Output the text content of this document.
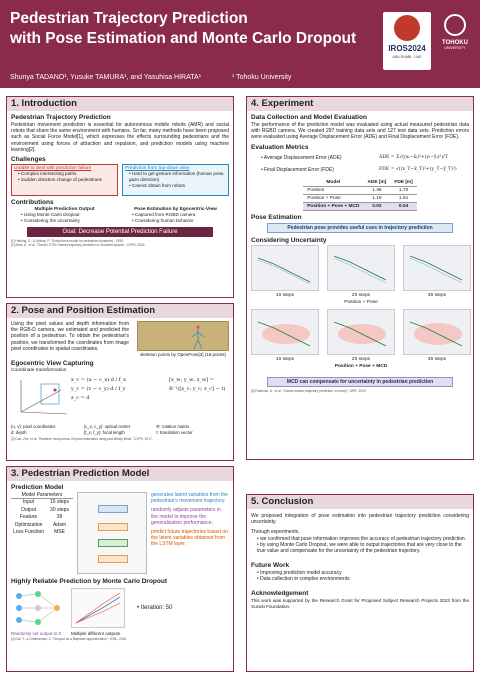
Pedestrian Trajectory Prediction
with Pose Estimation and Monte Carlo Dropout
IROS2024
ABU DHABI · UAE
TOHOKU
UNIVERSITY
Shunya TADANO¹, Yusuke TAMURA¹, and Yasuhisa HIRATA¹	¹ Tohoku University
1. Introduction
Pedestrian Trajectory Prediction
Pedestrian movement prediction is essential for autonomous mobile robots (AMR) and social robots that share the same environment with humans. So far, many methods have been proposed such as Social Force Model[1], which expresses the effects surrounding pedestrians and the environment using forces of attraction and repulsion, and prediction models using machine learning[2].
Challenges
Unable to deal with prediction failure
• Complex intersecting paths
• Sudden direction change of pedestrians
Prediction from top-down view
• Hard to get gesture information (human pose, gaze direction)
• Cannot obtain from robots
Contributions
Multiple Prediction Output
• Using Monte Carlo Dropout
• Considering the uncertainty
Pose Estimation by Egocentric-View
• Captured from RGBD camera
• Considering human behavior
Goal: Decrease Potential Prediction Failure
[1] Helbing, D., & Molnar, P. "Social force model for pedestrian dynamics", 1995.
[2] Alahi, A., et al. "Social LSTM: Human trajectory prediction in crowded spaces", CVPR, 2016.
2. Pose and Position Estimation
Using the pixel values and depth information from the RGB-D camera, we estimated and predicted the position of a pedestrian. To obtain the pedestrian's position, we transformed the coordinates from image pixel coordinates to spatial coordinates.
skeleton points by OpenPose[3] (18 points)
Egocentric View Capturing
Coordinate transformation
x_c = (u − c_x)·d / f_x
y_c = (v − c_y)·d / f_y
z_c = d
[x_w; y_w; z_w] = R⁻¹([x_c; y_c; z_c] − t)
(u, v): pixel coordinates	(c_x, c_y): optical center	R: rotation matrix
d: depth	(f_x, f_y): focal length	t: translation vector
[3] Cao, Zhe, et al. "Realtime multi-person 2d pose estimation using part affinity fields." CVPR, 2017.
3. Pedestrian Prediction Model
Prediction Model
Model Parameters
Input	15 steps
Output	30 steps
Feature	39
Optimization	Adam
Loss Function	MSE
generates latent variables from the pedestrian's movement trajectory.
randomly adjusts parameters in the model to improve the generalization performance.
predict future trajectories based on the latent variables obtained from the LSTM layer.
Highly Reliable Prediction by Monte Carlo Dropout
• Iteration: 50
Randomly set output to 0	Multiple different outputs
[4] Gal, Y., & Ghahramani, Z. "Dropout as a Bayesian approximation", ICML, 2016.
4. Experiment
Data Collection and Model Evaluation
The performance of the prediction model was evaluated using actual measured pedestrian data with RGBD camera. We created 297 training data sets and 127 test data sets. Prediction errors were evaluated using Average Displacement Error (ADE) and Final Displacement Error (FDE).
Evaluation Metrics
• Average Displacement Error (ADE)
• Final Displacement Error (FDE)
ADE = Σ√((xₜ−x̂ₜ)²+(yₜ−ŷₜ)²)/T
FDE = √((x_T−x̂_T)²+(y_T−ŷ_T)²)
Model	ADE [m]	FDE [m]
Position	1.46	1.70
Position + Pose	1.19	1.61
Position + Pose + MCD	0.02	0.04
Pose Estimation
Pedestrian pose provides useful cues in trajectory prediction
Considering Uncertainty
10 steps	20 steps	30 steps
Position + Pose
10 steps	20 steps	30 steps
Position + Pose + MCD
MCD can compensate for uncertainty in pedestrian prediction
[5] Rudenko, A., et al. "Human motion trajectory prediction: a survey", IJRR, 2020.
5. Conclusion
We proposed integration of pose estimation into pedestrian trajectory prediction considering uncertainty.
Through experiments,
• we confirmed that pose information improves the accuracy of pedestrian trajectory prediction.
• by using Monte Carlo Dropout, we were able to output trajectories that are very close to the true value and compensate for the uncertainty of the pedestrian trajectory.
Future Work
• Improving prediction model accuracy
• Data collection in complex environments
Acknowledgement
This work was supported by the Research Grant for Proposed Subject Research Projects 2022 from the Suzuki Foundation.
